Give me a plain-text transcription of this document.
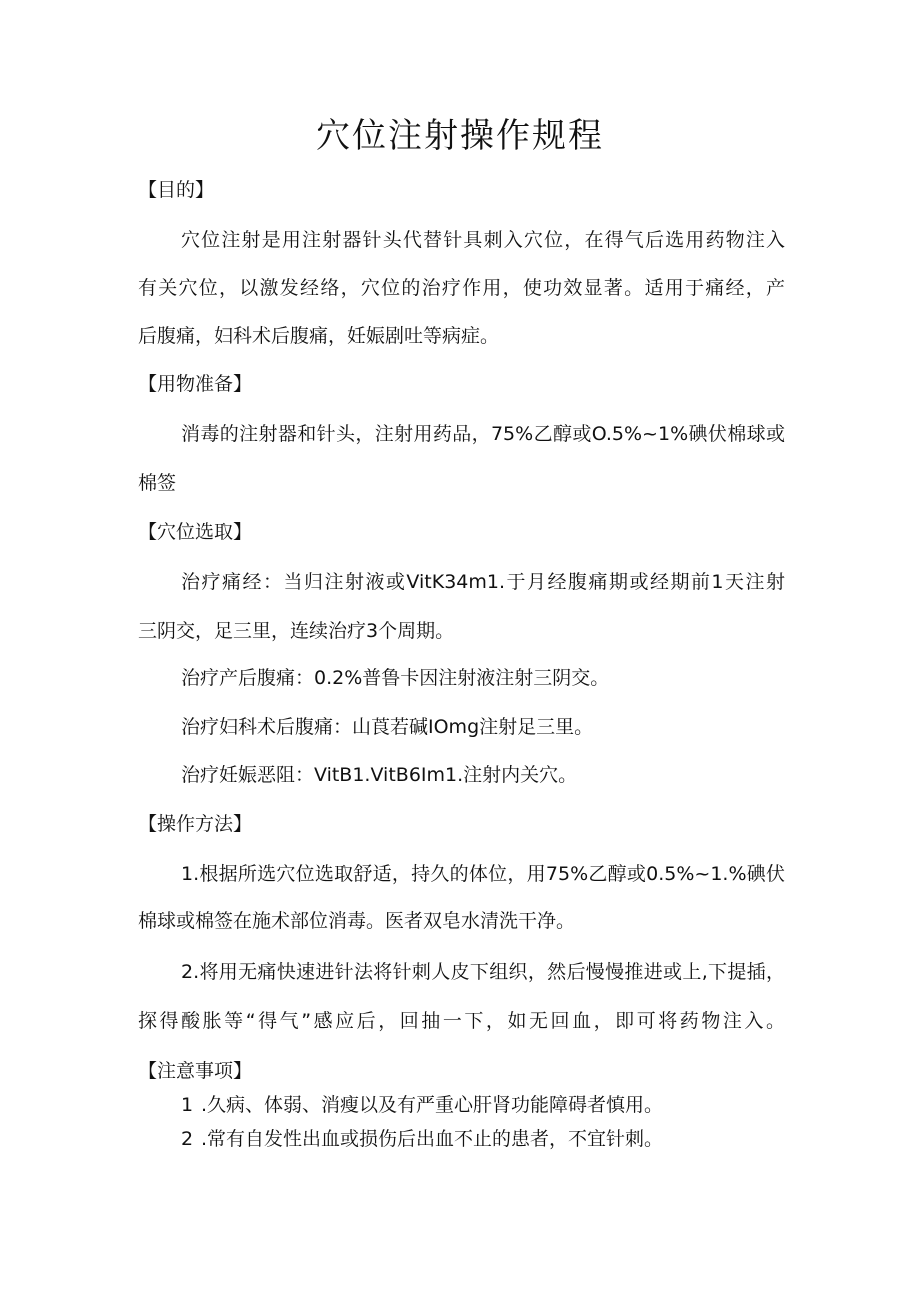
穴位注射操作规程

【目的】

穴位注射是用注射器针头代替针具刺入穴位，在得气后选用药物注入

有关穴位，以激发经络，穴位的治疗作用，使功效显著。适用于痛经，产

后腹痛，妇科术后腹痛，妊娠剧吐等病症。

【用物准备】

消毒的注射器和针头，注射用药品，75%乙醇或O.5%~1%碘伏棉球或

棉签

【穴位选取】

治疗痛经：当归注射液或VitK34m1.于月经腹痛期或经期前1天注射

三阴交，足三里，连续治疗3个周期。

治疗产后腹痛：0.2%普鲁卡因注射液注射三阴交。

治疗妇科术后腹痛：山莨若碱IOmg注射足三里。

治疗妊娠恶阻：VitB1.VitB6Im1.注射内关穴。

【操作方法】

1.根据所选穴位选取舒适，持久的体位，用75%乙醇或0.5%~1.%碘伏

棉球或棉签在施术部位消毒。医者双皂水清洗干净。

2.将用无痛快速进针法将针刺人皮下组织，然后慢慢推进或上,下提插，

探得酸胀等“得气”感应后，回抽一下，如无回血，即可将药物注入。

【注意事项】

1 .久病、体弱、消瘦以及有严重心肝肾功能障碍者慎用。

2 .常有自发性出血或损伤后出血不止的患者，不宜针刺。
